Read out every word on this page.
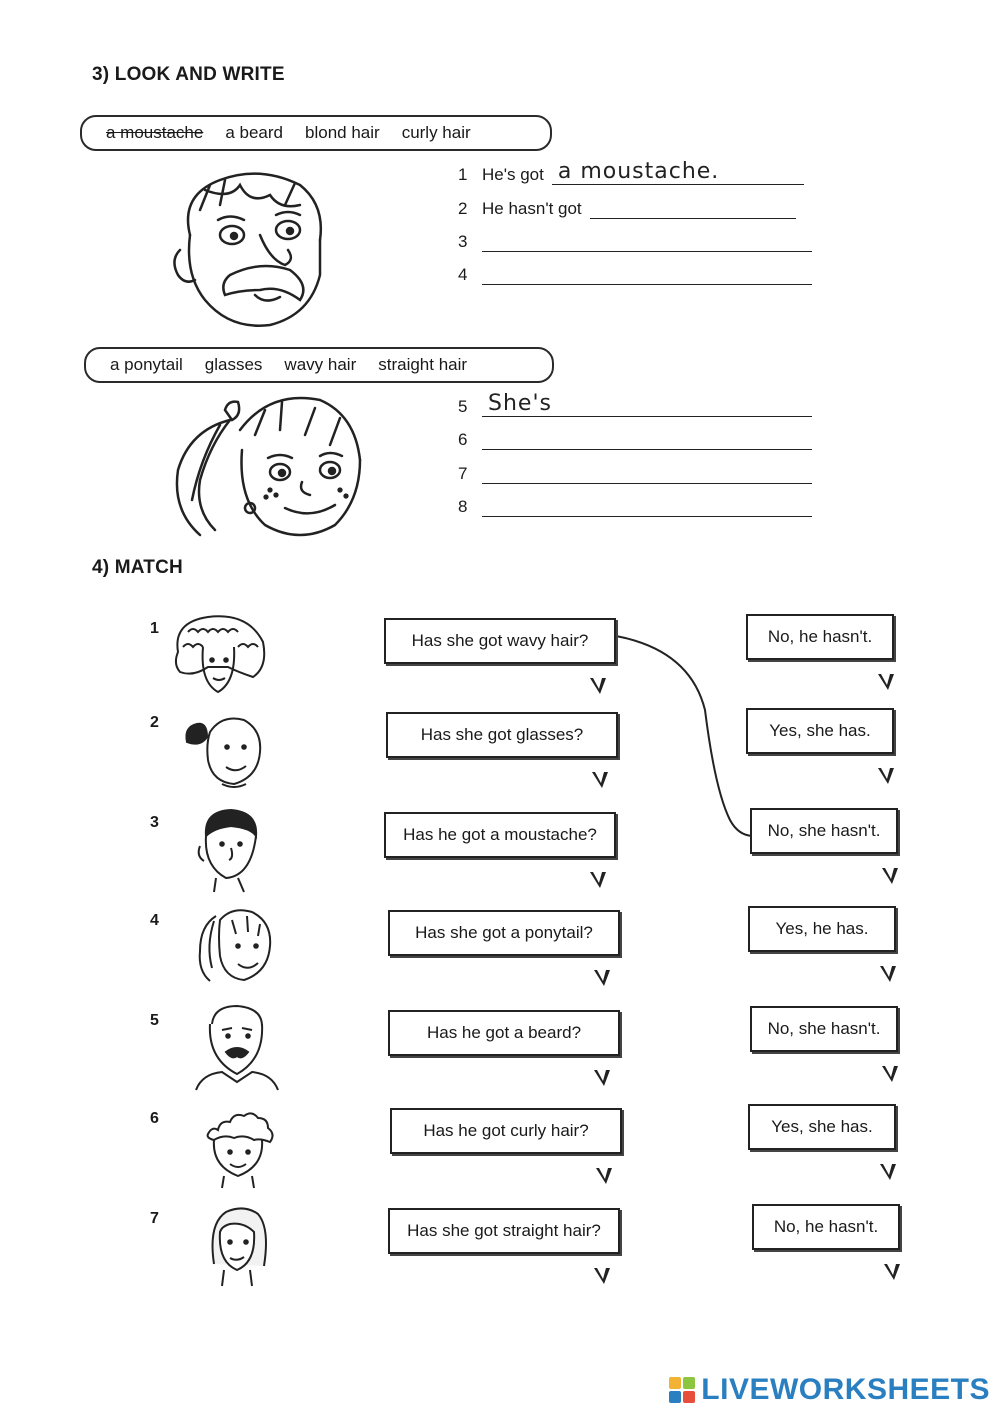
3) LOOK AND WRITE
a moustache a beard blond hair curly hair
1 He's got a moustache.
2 He hasn't got
3
4
a ponytail glasses wavy hair straight hair
5 She's
6
7
8
4) MATCH
1
Has she got wavy hair?	No, he hasn't.
2
Has she got glasses?	Yes, she has.
3
Has he got a moustache?	No, she hasn't.
4
Has she got a ponytail?	Yes, he has.
5
Has he got a beard?	No, she hasn't.
6
Has he got curly hair?	Yes, she has.
7
Has she got straight hair?	No, he hasn't.
LIVEWORKSHEETS
